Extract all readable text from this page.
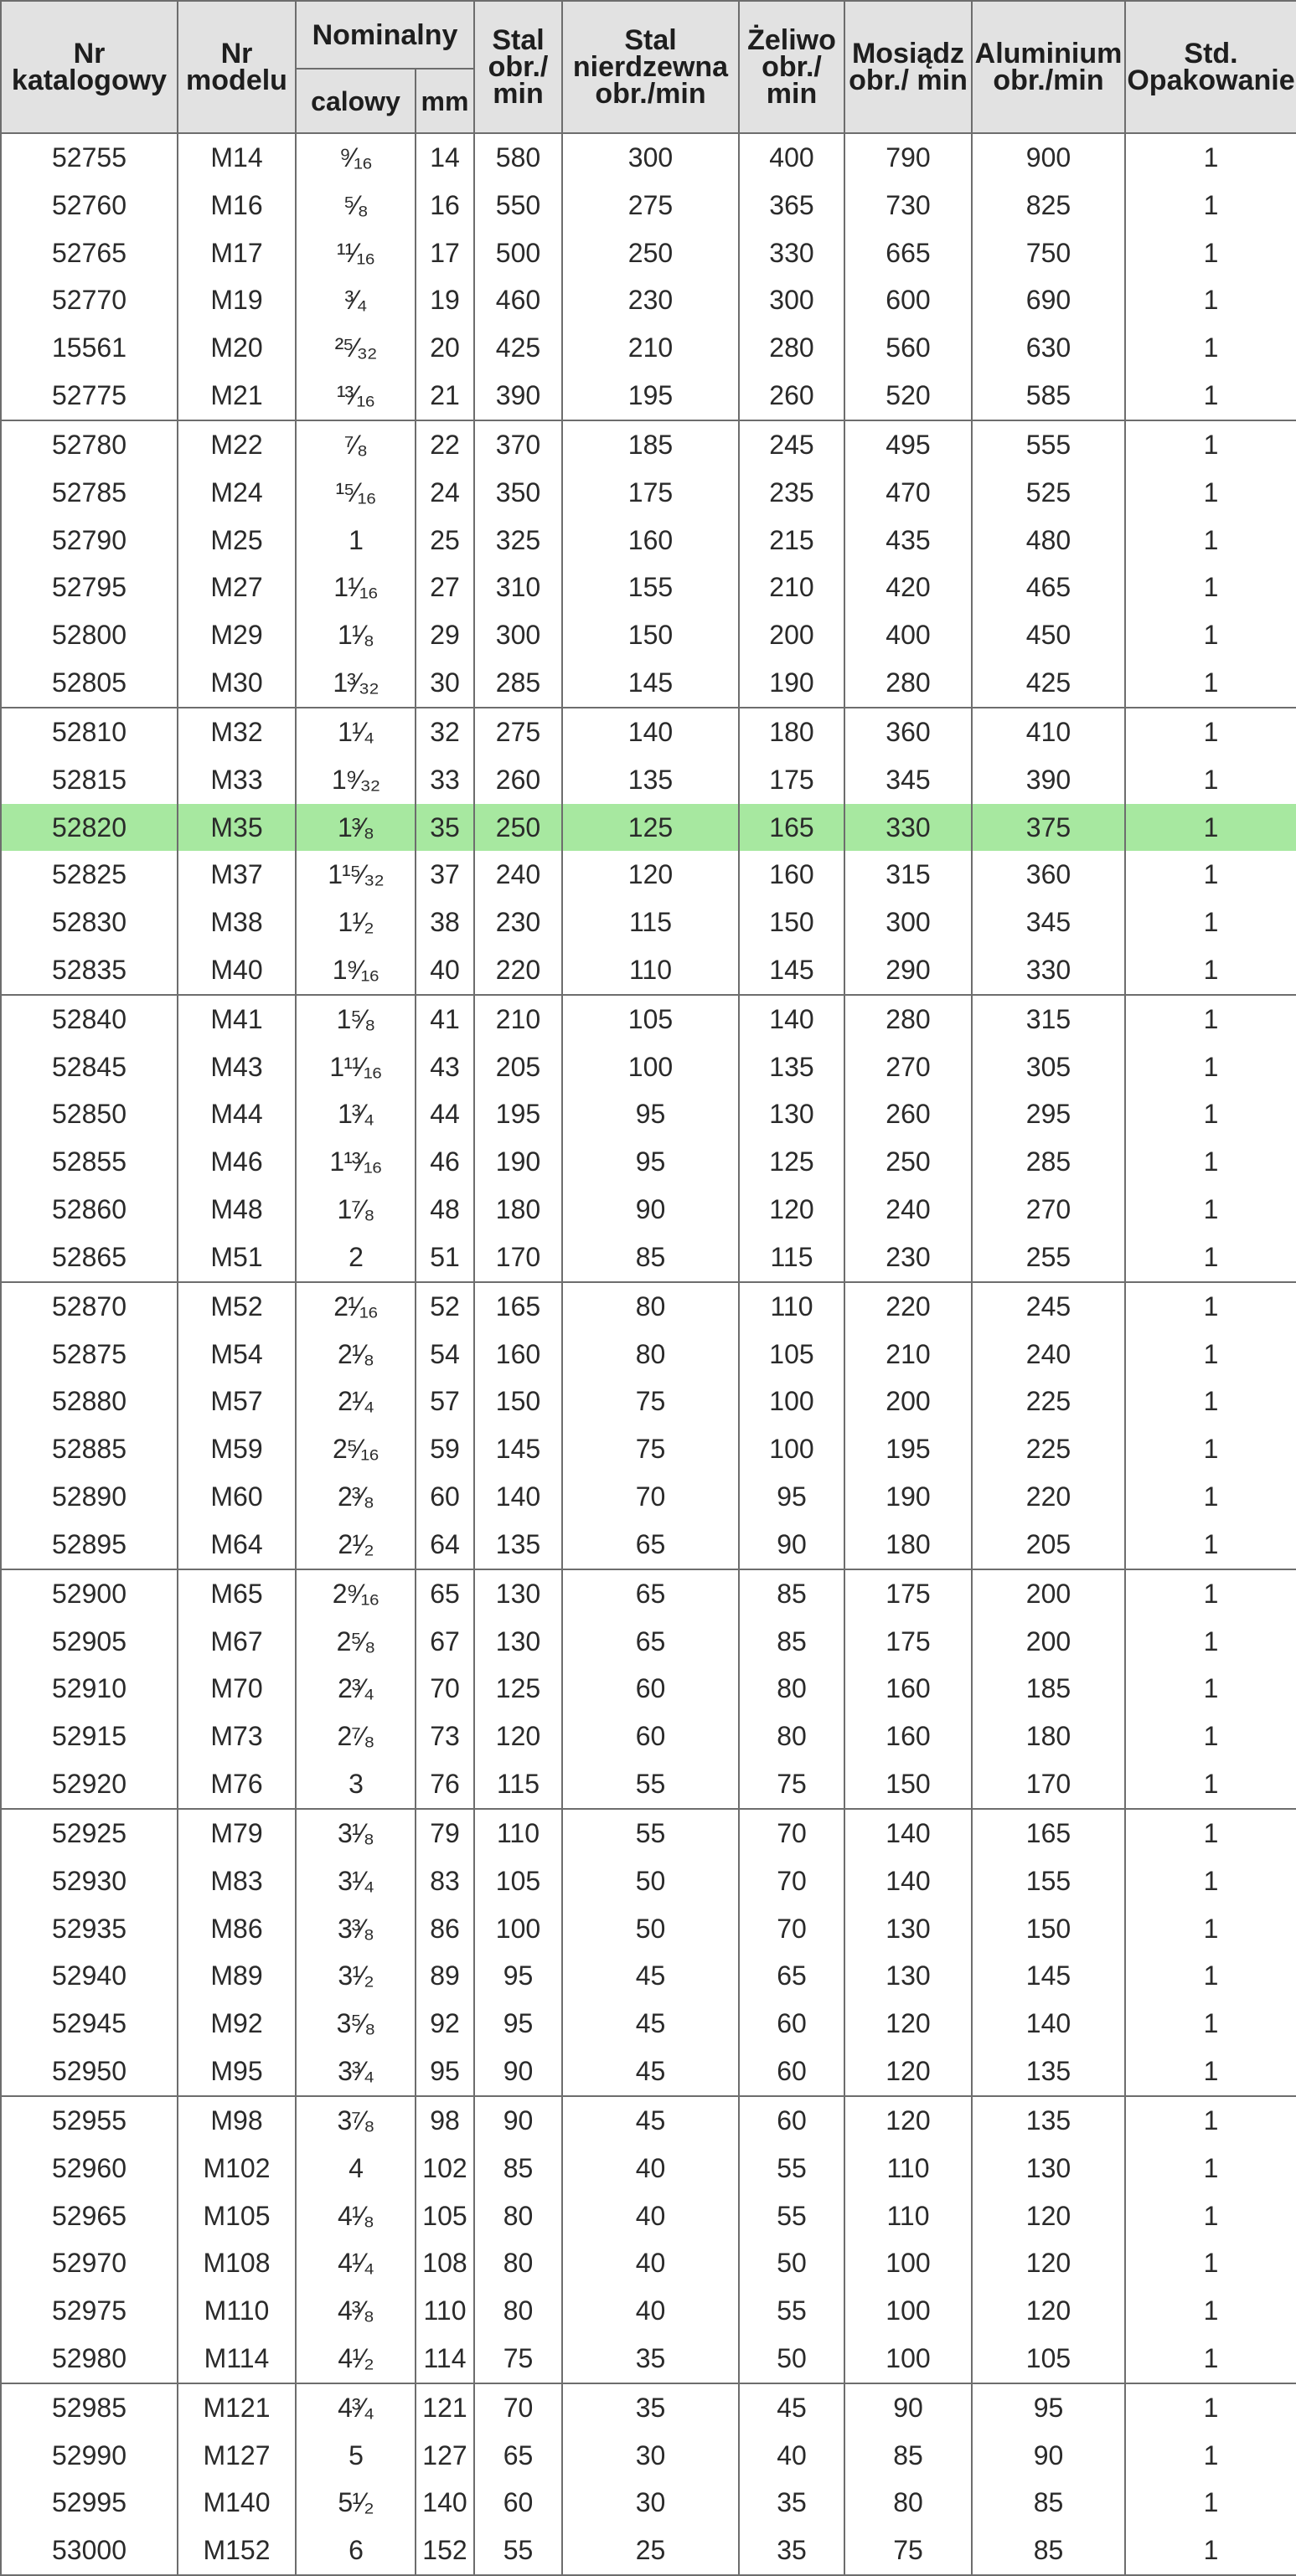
Nr katalogowy	Nr modelu	Nominalny		Stal obr./ min	Stal nierdzewna obr./min	Żeliwo obr./ min	Mosiądz obr./ min	Aluminium obr./min	Std. Opakowanie
		calowy	mm						
52755	M14	⁹⁄₁₆	14	580	300	400	790	900	1
52760	M16	⁵⁄₈	16	550	275	365	730	825	1
52765	M17	¹¹⁄₁₆	17	500	250	330	665	750	1
52770	M19	³⁄₄	19	460	230	300	600	690	1
15561	M20	²⁵⁄₃₂	20	425	210	280	560	630	1
52775	M21	¹³⁄₁₆	21	390	195	260	520	585	1
52780	M22	⁷⁄₈	22	370	185	245	495	555	1
52785	M24	¹⁵⁄₁₆	24	350	175	235	470	525	1
52790	M25	1	25	325	160	215	435	480	1
52795	M27	1¹⁄₁₆	27	310	155	210	420	465	1
52800	M29	1¹⁄₈	29	300	150	200	400	450	1
52805	M30	1³⁄₃₂	30	285	145	190	280	425	1
52810	M32	1¹⁄₄	32	275	140	180	360	410	1
52815	M33	1⁹⁄₃₂	33	260	135	175	345	390	1
52820	M35	1³⁄₈	35	250	125	165	330	375	1
52825	M37	1¹⁵⁄₃₂	37	240	120	160	315	360	1
52830	M38	1¹⁄₂	38	230	115	150	300	345	1
52835	M40	1⁹⁄₁₆	40	220	110	145	290	330	1
52840	M41	1⁵⁄₈	41	210	105	140	280	315	1
52845	M43	1¹¹⁄₁₆	43	205	100	135	270	305	1
52850	M44	1³⁄₄	44	195	95	130	260	295	1
52855	M46	1¹³⁄₁₆	46	190	95	125	250	285	1
52860	M48	1⁷⁄₈	48	180	90	120	240	270	1
52865	M51	2	51	170	85	115	230	255	1
52870	M52	2¹⁄₁₆	52	165	80	110	220	245	1
52875	M54	2¹⁄₈	54	160	80	105	210	240	1
52880	M57	2¹⁄₄	57	150	75	100	200	225	1
52885	M59	2⁵⁄₁₆	59	145	75	100	195	225	1
52890	M60	2³⁄₈	60	140	70	95	190	220	1
52895	M64	2¹⁄₂	64	135	65	90	180	205	1
52900	M65	2⁹⁄₁₆	65	130	65	85	175	200	1
52905	M67	2⁵⁄₈	67	130	65	85	175	200	1
52910	M70	2³⁄₄	70	125	60	80	160	185	1
52915	M73	2⁷⁄₈	73	120	60	80	160	180	1
52920	M76	3	76	115	55	75	150	170	1
52925	M79	3¹⁄₈	79	110	55	70	140	165	1
52930	M83	3¹⁄₄	83	105	50	70	140	155	1
52935	M86	3³⁄₈	86	100	50	70	130	150	1
52940	M89	3¹⁄₂	89	95	45	65	130	145	1
52945	M92	3⁵⁄₈	92	95	45	60	120	140	1
52950	M95	3³⁄₄	95	90	45	60	120	135	1
52955	M98	3⁷⁄₈	98	90	45	60	120	135	1
52960	M102	4	102	85	40	55	110	130	1
52965	M105	4¹⁄₈	105	80	40	55	110	120	1
52970	M108	4¹⁄₄	108	80	40	50	100	120	1
52975	M110	4³⁄₈	110	80	40	55	100	120	1
52980	M114	4¹⁄₂	114	75	35	50	100	105	1
52985	M121	4³⁄₄	121	70	35	45	90	95	1
52990	M127	5	127	65	30	40	85	90	1
52995	M140	5¹⁄₂	140	60	30	35	80	85	1
53000	M152	6	152	55	25	35	75	85	1
